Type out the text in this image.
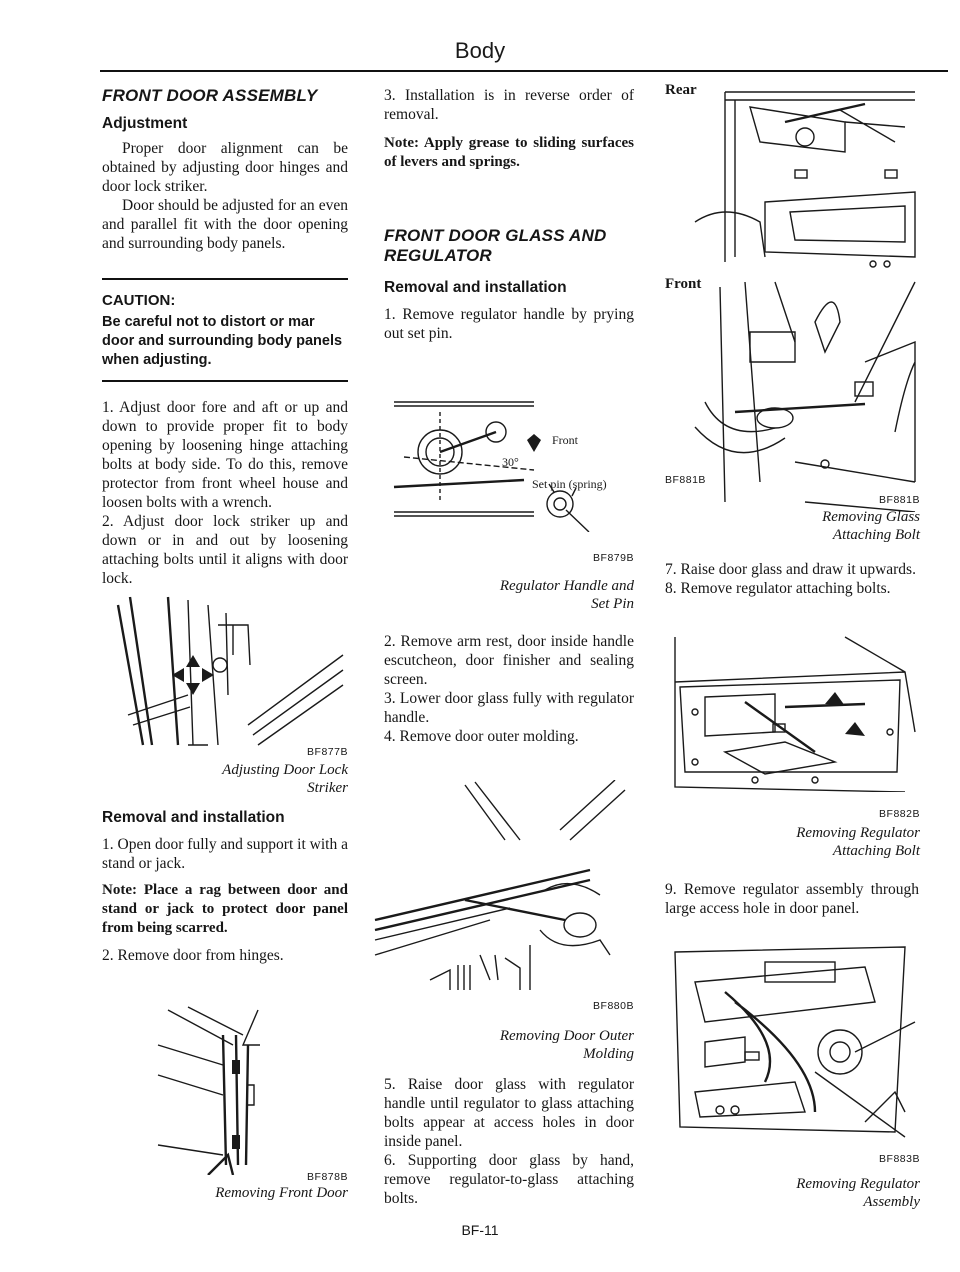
Body
FRONT DOOR ASSEMBLY
Adjustment

Proper door alignment can be obtained by adjusting door hinges and door lock striker.

Door should be adjusted for an even and parallel fit with the door opening and surrounding body panels.

CAUTION:
Be careful not to distort or mar door and surrounding body panels when adjusting.

1. Adjust door fore and aft or up and down to provide proper fit to body opening by loosening hinge attaching bolts at body side. To do this, remove protector from front wheel house and loosen bolts with a wrench.

2. Adjust door lock striker up and down or in and out by loosening attaching bolts until it aligns with door lock.

BF877B
Adjusting Door Lock
Striker
Removal and installation

1. Open door fully and support it with a stand or jack.

Note: Place a rag between door and stand or jack to protect door panel from being scarred.

2. Remove door from hinges.

BF878B
Removing Front Door

3. Installation is in reverse order of removal.

Note: Apply grease to sliding surfaces of levers and springs.

FRONT DOOR GLASS AND
REGULATOR
Removal and installation

1. Remove regulator handle by prying out set pin.

Front
30°
Set pin (spring)
BF879B
Regulator Handle and
Set Pin

2. Remove arm rest, door inside handle escutcheon, door finisher and sealing screen.

3. Lower door glass fully with regulator handle.

4. Remove door outer molding.

BF880B
Removing Door Outer
Molding

5. Raise door glass with regulator handle until regulator to glass attaching bolts appear at access holes in door inside panel.

6. Supporting door glass by hand, remove regulator-to-glass attaching bolts.

Rear
Front
BF881B
BF881B
Removing Glass
Attaching Bolt

7. Raise door glass and draw it upwards.

8. Remove regulator attaching bolts.

BF882B
Removing Regulator
Attaching Bolt

9. Remove regulator assembly through large access hole in door panel.

BF883B
Removing Regulator
Assembly
BF-11
